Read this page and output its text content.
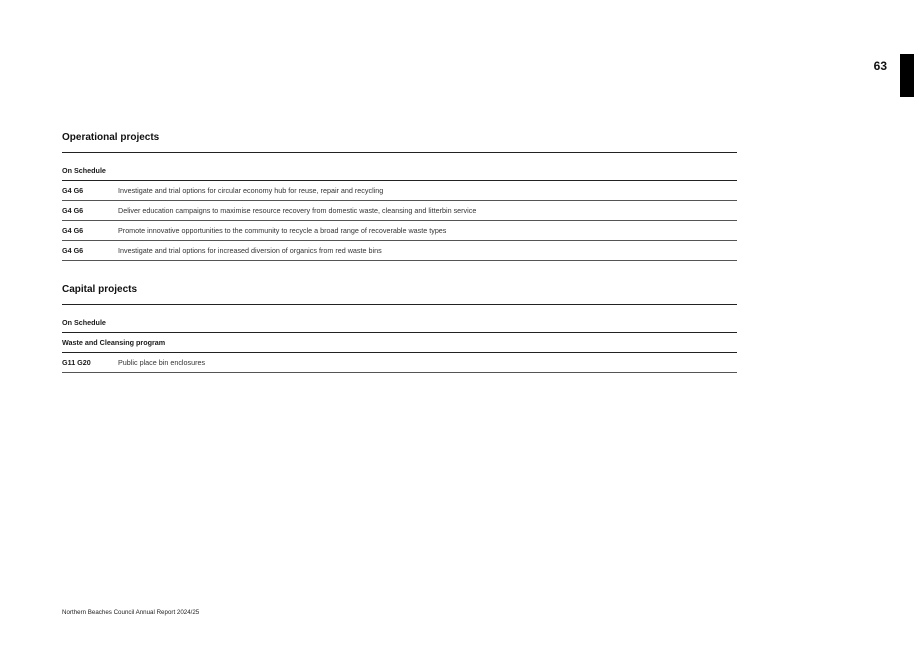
63
Operational projects
On Schedule
G4 G6	Investigate and trial options for circular economy hub for reuse, repair and recycling
G4 G6	Deliver education campaigns to maximise resource recovery from domestic waste, cleansing and litterbin service
G4 G6	Promote innovative opportunities to the community to recycle a broad range of recoverable waste types
G4 G6	Investigate and trial options for increased diversion of organics from red waste bins
Capital projects
On Schedule
Waste and Cleansing program
G11 G20	Public place bin enclosures
Northern Beaches Council Annual Report 2024/25
